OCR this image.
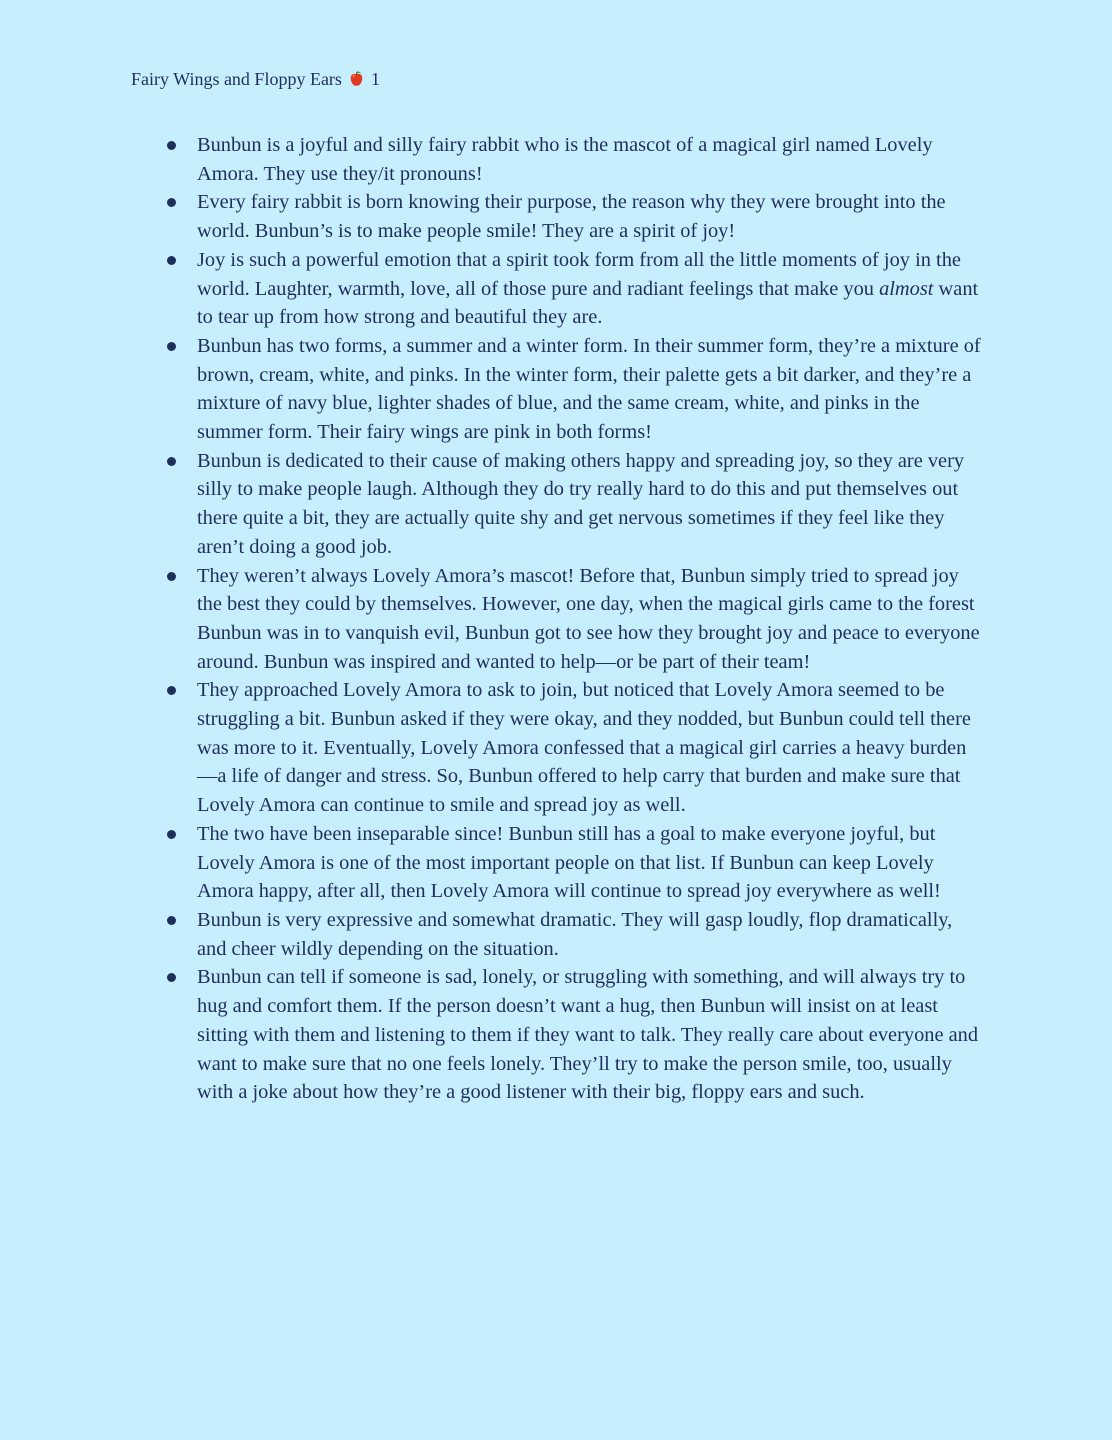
Fairy Wings and Floppy Ears 1
Bunbun is a joyful and silly fairy rabbit who is the mascot of a magical girl named Lovely Amora. They use they/it pronouns!
Every fairy rabbit is born knowing their purpose, the reason why they were brought into the world. Bunbun’s is to make people smile! They are a spirit of joy!
Joy is such a powerful emotion that a spirit took form from all the little moments of joy in the world. Laughter, warmth, love, all of those pure and radiant feelings that make you almost want to tear up from how strong and beautiful they are.
Bunbun has two forms, a summer and a winter form. In their summer form, they’re a mixture of brown, cream, white, and pinks. In the winter form, their palette gets a bit darker, and they’re a mixture of navy blue, lighter shades of blue, and the same cream, white, and pinks in the summer form. Their fairy wings are pink in both forms!
Bunbun is dedicated to their cause of making others happy and spreading joy, so they are very silly to make people laugh. Although they do try really hard to do this and put themselves out there quite a bit, they are actually quite shy and get nervous sometimes if they feel like they aren’t doing a good job.
They weren’t always Lovely Amora’s mascot! Before that, Bunbun simply tried to spread joy the best they could by themselves. However, one day, when the magical girls came to the forest Bunbun was in to vanquish evil, Bunbun got to see how they brought joy and peace to everyone around. Bunbun was inspired and wanted to help—or be part of their team!
They approached Lovely Amora to ask to join, but noticed that Lovely Amora seemed to be struggling a bit. Bunbun asked if they were okay, and they nodded, but Bunbun could tell there was more to it. Eventually, Lovely Amora confessed that a magical girl carries a heavy burden—a life of danger and stress. So, Bunbun offered to help carry that burden and make sure that Lovely Amora can continue to smile and spread joy as well.
The two have been inseparable since! Bunbun still has a goal to make everyone joyful, but Lovely Amora is one of the most important people on that list. If Bunbun can keep Lovely Amora happy, after all, then Lovely Amora will continue to spread joy everywhere as well!
Bunbun is very expressive and somewhat dramatic. They will gasp loudly, flop dramatically, and cheer wildly depending on the situation.
Bunbun can tell if someone is sad, lonely, or struggling with something, and will always try to hug and comfort them. If the person doesn’t want a hug, then Bunbun will insist on at least sitting with them and listening to them if they want to talk. They really care about everyone and want to make sure that no one feels lonely. They’ll try to make the person smile, too, usually with a joke about how they’re a good listener with their big, floppy ears and such.
